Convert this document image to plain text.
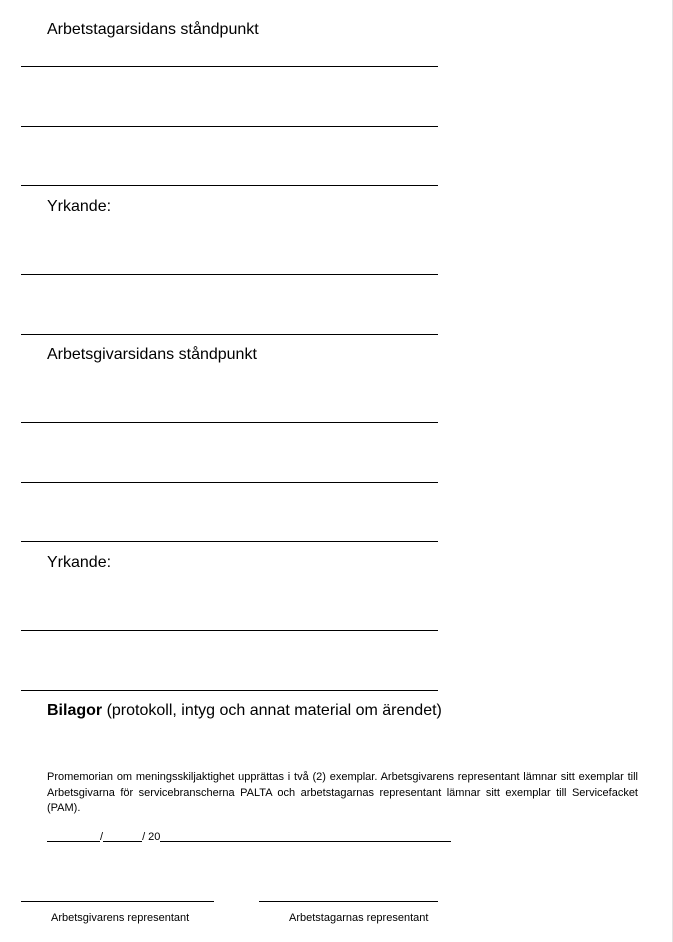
Arbetstagarsidans ståndpunkt
Yrkande:
Arbetsgivarsidans ståndpunkt
Yrkande:
Bilagor (protokoll, intyg och annat material om ärendet)
Promemorian om meningsskiljaktighet upprättas i två (2) exemplar. Arbetsgivarens representant lämnar sitt exemplar till Arbetsgivarna för servicebranscherna PALTA och arbetstagarnas representant lämnar sitt exemplar till Servicefacket (PAM).
/	/ 20
Arbetsgivarens representant	Arbetstagarnas representant
